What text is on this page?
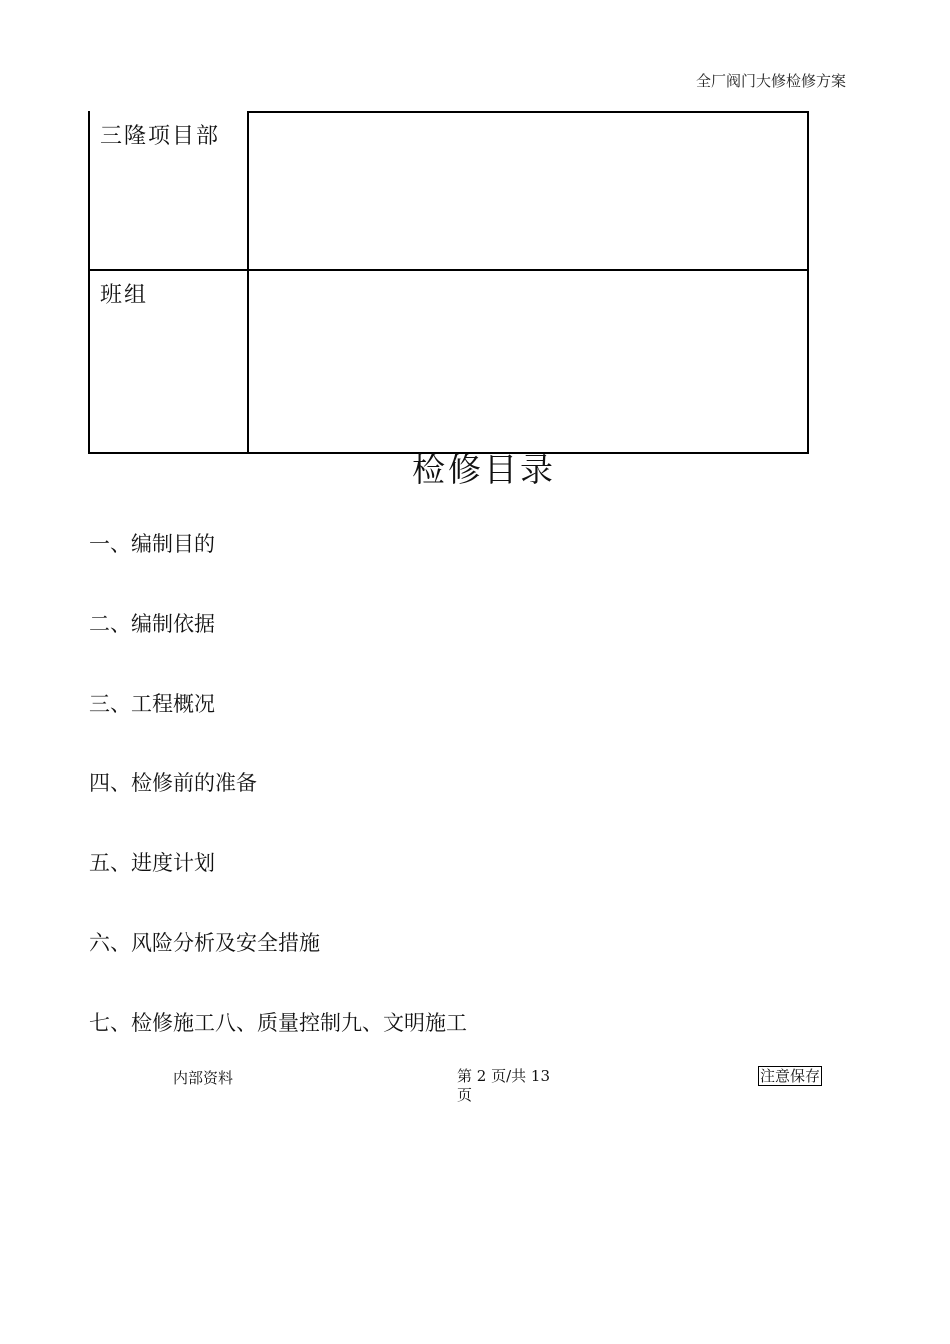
全厂阀门大修检修方案
三隆项目部
班组
检修目录
一、编制目的
二、编制依据
三、工程概况
四、检修前的准备
五、进度计划
六、风险分析及安全措施
七、检修施工八、质量控制九、文明施工
内部资料	第 2 页/共 13
页
注意保存
